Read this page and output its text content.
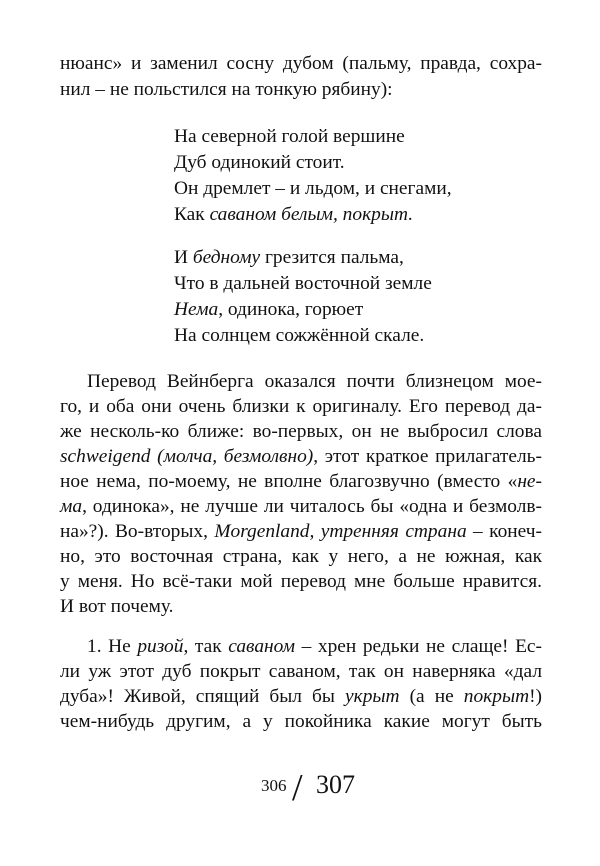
нюанс» и заменил сосну дубом (пальму, правда, сохра-
нил – не польстился на тонкую рябину):
На северной голой вершине
Дуб одинокий стоит.
Он дремлет – и льдом, и снегами,
Как саваном белым, покрыт.
И бедному грезится пальма,
Что в дальней восточной земле
Нема, одинока, горюет
На солнцем сожжённой скале.
Перевод Вейнберга оказался почти близнецом мое-
го, и оба они очень близки к оригиналу. Его перевод да-
же несколь-ко ближе: во-первых, он не выбросил слова
schweigend (молча, безмолвно), этот краткое прилагатель-
ное нема, по-моему, не вполне благозвучно (вместо «не-
ма, одинока», не лучше ли читалось бы «одна и безмолв-
на»?). Во-вторых, Morgenland, утренняя страна – конеч-
но, это восточная страна, как у него, а не южная, как
у меня. Но всё-таки мой перевод мне больше нравится.
И вот почему.
1. Не ризой, так саваном – хрен редьки не слаще! Ес-
ли уж этот дуб покрыт саваном, так он наверняка «дал
дуба»! Живой, спящий был бы укрыт (а не покрыт!)
чем-нибудь другим, а у покойника какие могут быть
306 / 307
